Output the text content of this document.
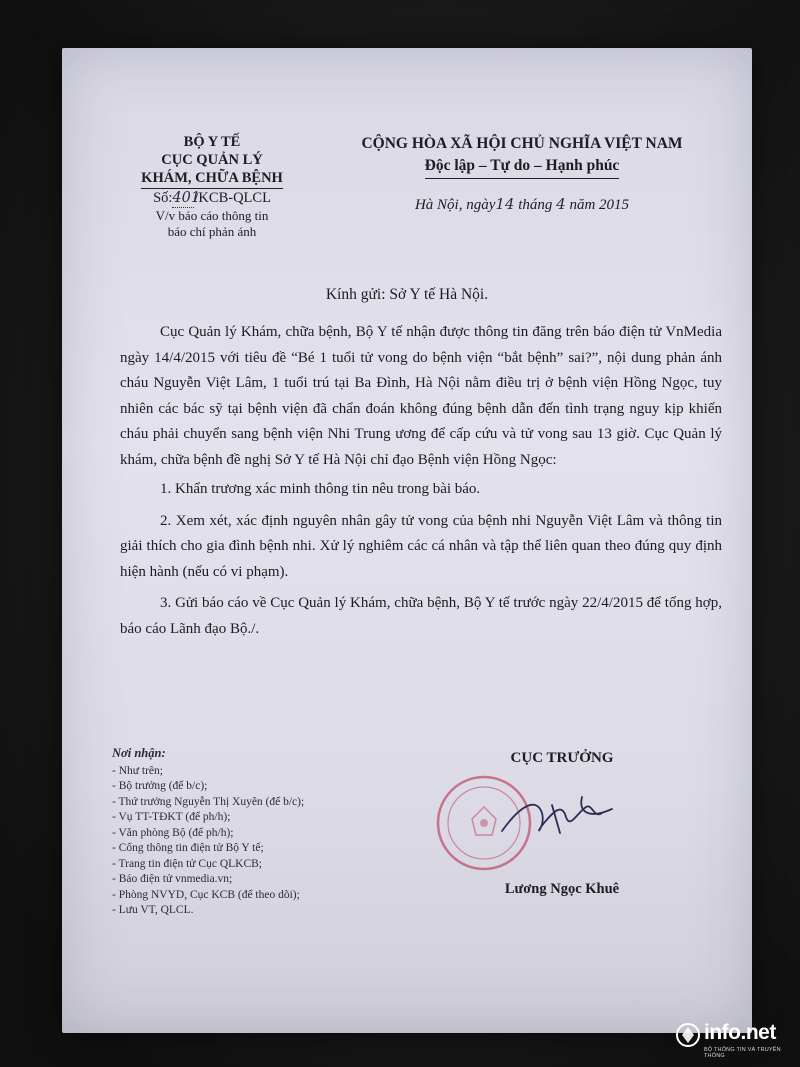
BỘ Y TẾ
CỤC QUẢN LÝ
KHÁM, CHỮA BỆNH
Số:401/KCB-QLCL
V/v báo cáo thông tin
báo chí phản ánh
CỘNG HÒA XÃ HỘI CHỦ NGHĨA VIỆT NAM
Độc lập – Tự do – Hạnh phúc
Hà Nội, ngày14 tháng 4 năm 2015
Kính gửi: Sở Y tế Hà Nội.

Cục Quản lý Khám, chữa bệnh, Bộ Y tế nhận được thông tin đăng trên báo điện tử VnMedia ngày 14/4/2015 với tiêu đề “Bé 1 tuổi tử vong do bệnh viện “bắt bệnh” sai?”, nội dung phản ánh cháu Nguyễn Việt Lâm, 1 tuổi trú tại Ba Đình, Hà Nội nằm điều trị ở bệnh viện Hồng Ngọc, tuy nhiên các bác sỹ tại bệnh viện đã chẩn đoán không đúng bệnh dẫn đến tình trạng nguy kịp khiến cháu phải chuyển sang bệnh viện Nhi Trung ương để cấp cứu và tử vong sau 13 giờ. Cục Quản lý khám, chữa bệnh đề nghị Sở Y tế Hà Nội chỉ đạo Bệnh viện Hồng Ngọc:

1. Khẩn trương xác minh thông tin nêu trong bài báo.

2. Xem xét, xác định nguyên nhân gây tử vong của bệnh nhi Nguyễn Việt Lâm và thông tin giải thích cho gia đình bệnh nhi. Xử lý nghiêm các cá nhân và tập thể liên quan theo đúng quy định hiện hành (nếu có vi phạm).

3. Gửi báo cáo về Cục Quản lý Khám, chữa bệnh, Bộ Y tế trước ngày 22/4/2015 để tổng hợp, báo cáo Lãnh đạo Bộ./.

Nơi nhận:
- Như trên;
- Bộ trưởng (để b/c);
- Thứ trưởng Nguyễn Thị Xuyên (để b/c);
- Vụ TT-TĐKT (để ph/h);
- Văn phòng Bộ (để ph/h);
- Cổng thông tin điện tử Bộ Y tế;
- Trang tin điện tử Cục QLKCB;
- Báo điện tử vnmedia.vn;
- Phòng NVYD, Cục KCB (để theo dõi);
- Lưu VT, QLCL.
CỤC TRƯỞNG
Lương Ngọc Khuê
info.net
BỘ THÔNG TIN VÀ TRUYỀN THÔNG
